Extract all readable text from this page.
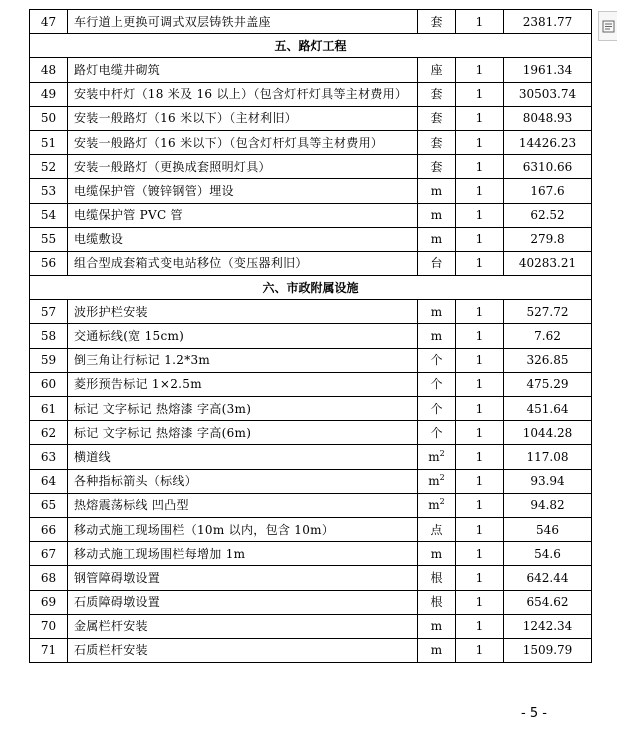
47	车行道上更换可调式双层铸铁井盖座	套	1	2381.77
五、路灯工程				
48	路灯电缆井砌筑	座	1	1961.34
49	安装中杆灯（18 米及 16 以上）（包含灯杆灯具等主材费用）	套	1	30503.74
50	安装一般路灯（16 米以下）（主材利旧）	套	1	8048.93
51	安装一般路灯（16 米以下）（包含灯杆灯具等主材费用）	套	1	14426.23
52	安装一般路灯（更换成套照明灯具）	套	1	6310.66
53	电缆保护管（镀锌钢管）埋设	m	1	167.6
54	电缆保护管 PVC 管	m	1	62.52
55	电缆敷设	m	1	279.8
56	组合型成套箱式变电站移位（变压器利旧）	台	1	40283.21
六、市政附属设施				
57	波形护栏安装	m	1	527.72
58	交通标线(宽 15cm)	m	1	7.62
59	倒三角让行标记 1.2*3m	个	1	326.85
60	菱形预告标记 1×2.5m	个	1	475.29
61	标记 文字标记 热熔漆 字高(3m)	个	1	451.64
62	标记 文字标记 热熔漆 字高(6m)	个	1	1044.28
63	横道线	$m^2$	1	117.08
64	各种指标箭头（标线）	$m^2$	1	93.94
65	热熔震荡标线 凹凸型	$m^2$	1	94.82
66	移动式施工现场围栏（10m 以内，包含 10m）	点	1	546
67	移动式施工现场围栏每增加 1m	m	1	54.6
68	钢管障碍墩设置	根	1	642.44
69	石质障碍墩设置	根	1	654.62
70	金属栏杆安装	m	1	1242.34
71	石质栏杆安装	m	1	1509.79
- 5 -
